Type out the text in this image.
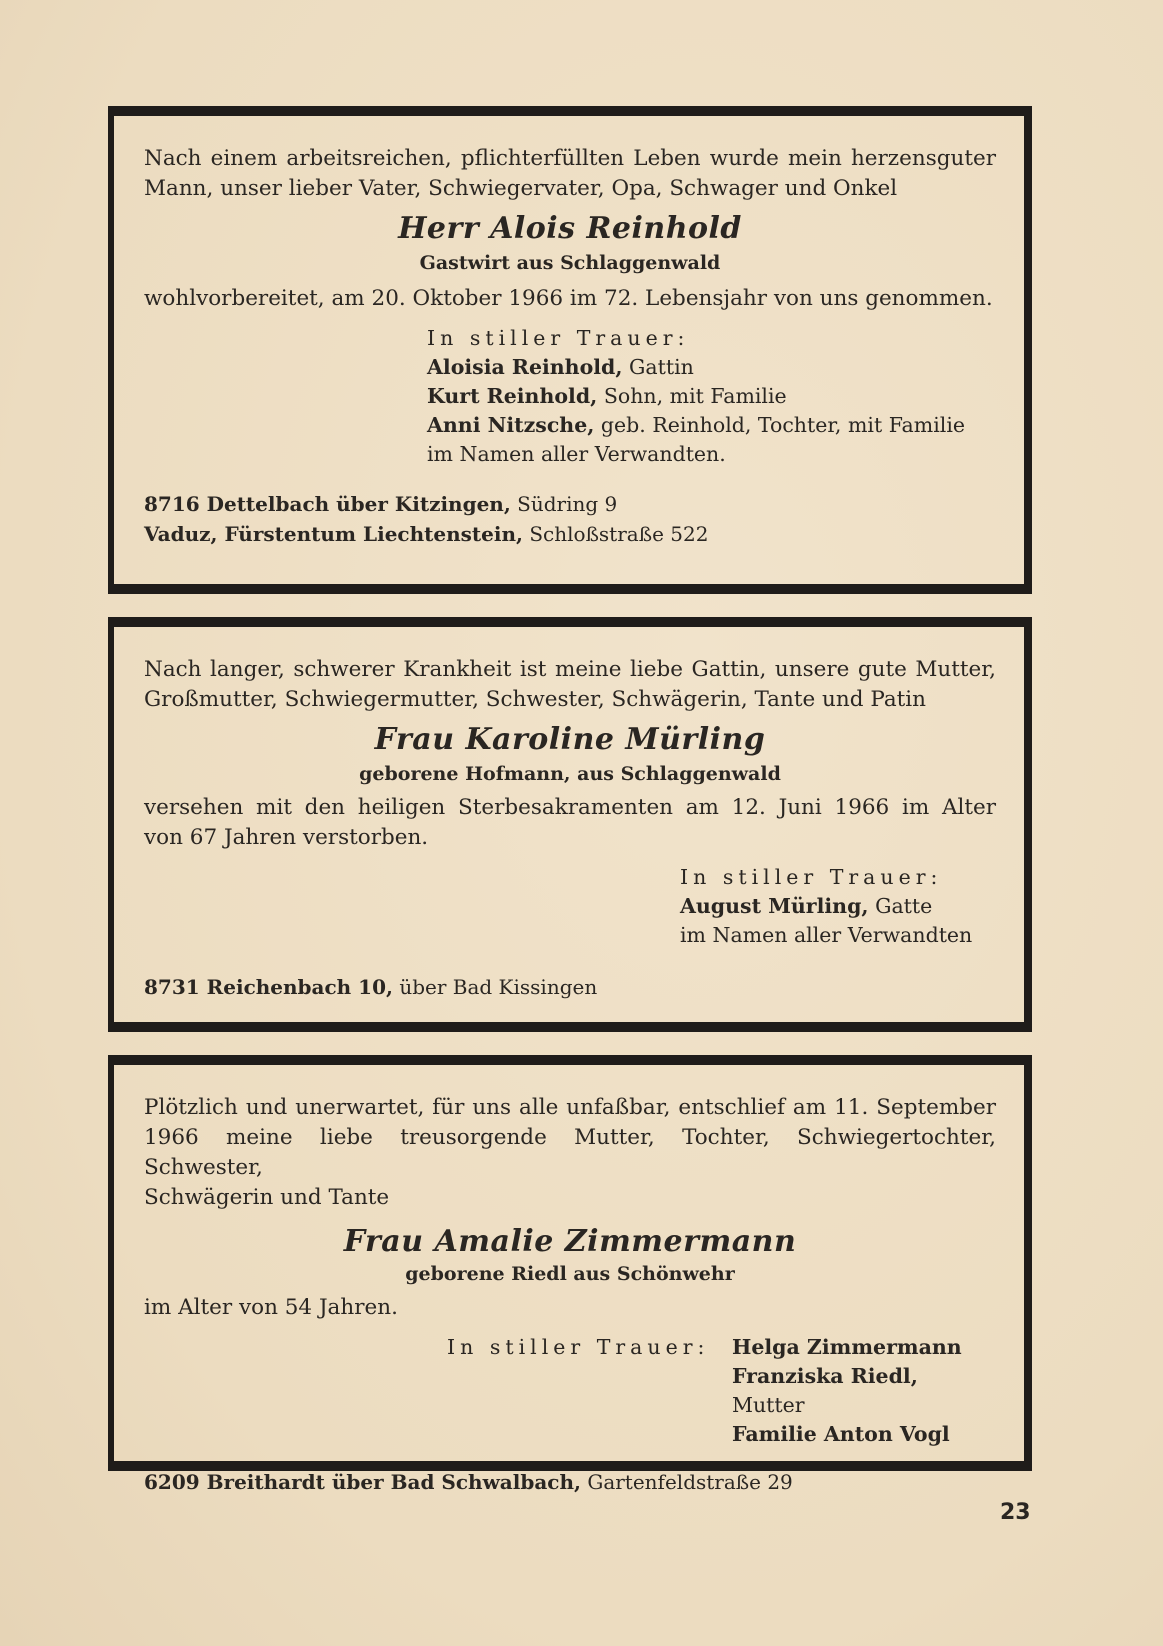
Nach einem arbeitsreichen, pflichterfüllten Leben wurde mein herzensguter

Mann, unser lieber Vater, Schwiegervater, Opa, Schwager und Onkel

Herr Alois Reinhold

Gastwirt aus Schlaggenwald

wohlvorbereitet, am 20. Oktober 1966 im 72. Lebensjahr von uns genommen.

In stiller Trauer:
Aloisia Reinhold, Gattin
Kurt Reinhold, Sohn, mit Familie
Anni Nitzsche, geb. Reinhold, Tochter, mit Familie
im Namen aller Verwandten.
8716 Dettelbach über Kitzingen, Südring 9
Vaduz, Fürstentum Liechtenstein, Schloßstraße 522

Nach langer, schwerer Krankheit ist meine liebe Gattin, unsere gute Mutter,

Großmutter, Schwiegermutter, Schwester, Schwägerin, Tante und Patin

Frau Karoline Mürling

geborene Hofmann, aus Schlaggenwald

versehen mit den heiligen Sterbesakramenten am 12. Juni 1966 im Alter

von 67 Jahren verstorben.

In stiller Trauer:
August Mürling, Gatte
im Namen aller Verwandten
8731 Reichenbach 10, über Bad Kissingen

Plötzlich und unerwartet, für uns alle unfaßbar, entschlief am 11. September

1966 meine liebe treusorgende Mutter, Tochter, Schwiegertochter, Schwester,

Schwägerin und Tante

Frau Amalie Zimmermann

geborene Riedl aus Schönwehr

im Alter von 54 Jahren.

In stiller Trauer:	Helga Zimmermann
Franziska Riedl, Mutter
Familie Anton Vogl
6209 Breithardt über Bad Schwalbach, Gartenfeldstraße 29
23
